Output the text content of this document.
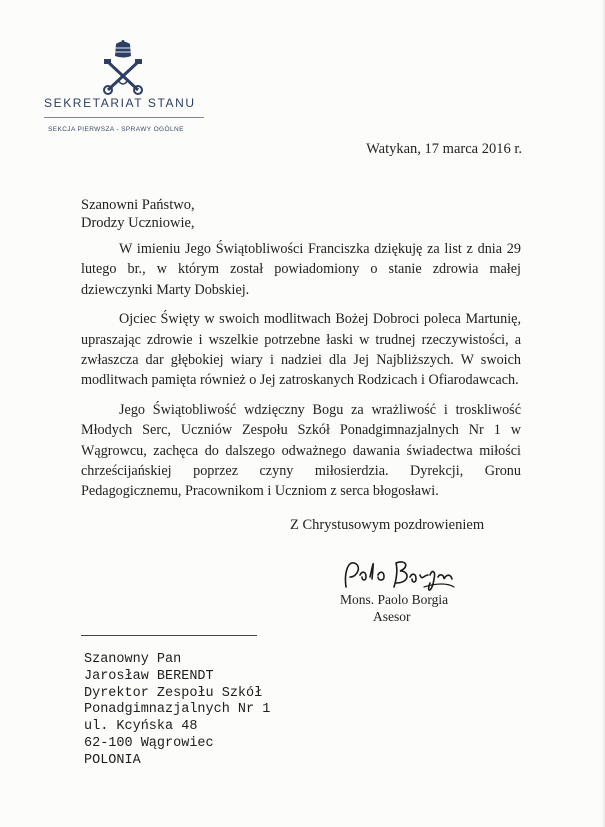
SEKRETARIAT STANU
SEKCJA PIERWSZA - SPRAWY OGÓLNE
Watykan, 17 marca 2016 r.
Szanowni Państwo,
Drodzy Uczniowie,

W imieniu Jego Świątobliwości Franciszka dziękuję za list z dnia 29 lutego br., w którym został powiadomiony o stanie zdrowia małej dziewczynki Marty Dobskiej.

Ojciec Święty w swoich modlitwach Bożej Dobroci poleca Martunię, upraszając zdrowie i wszelkie potrzebne łaski w trudnej rzeczywistości, a zwłaszcza dar głębokiej wiary i nadziei dla Jej Najbliższych. W swoich modlitwach pamięta również o Jej zatroskanych Rodzicach i Ofiarodawcach.

Jego Świątobliwość wdzięczny Bogu za wrażliwość i troskliwość Młodych Serc, Uczniów Zespołu Szkół Ponadgimnazjalnych Nr 1 w Wągrowcu, zachęca do dalszego odważnego dawania świadectwa miłości chrześcijańskiej poprzez czyny miłosierdzia. Dyrekcji, Gronu Pedagogicznemu, Pracownikom i Uczniom z serca błogosławi.

Z Chrystusowym pozdrowieniem
Mons. Paolo Borgia
Asesor
Szanowny Pan
Jarosław BERENDT
Dyrektor Zespołu Szkół
Ponadgimnazjalnych Nr 1
ul. Kcyńska 48
62-100 Wągrowiec
POLONIA
